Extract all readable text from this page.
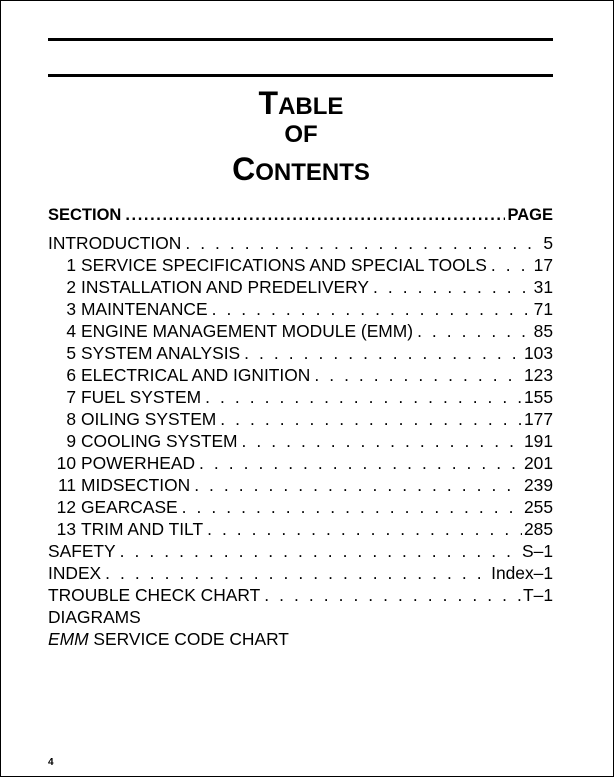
TABLE
OF
CONTENTS
SECTION .....	PAGE
INTRODUCTION . . .	5
1 SERVICE SPECIFICATIONS AND SPECIAL TOOLS . . .	17
2 INSTALLATION AND PREDELIVERY . . .	31
3 MAINTENANCE . . .	71
4 ENGINE MANAGEMENT MODULE (EMM) . . .	85
5 SYSTEM ANALYSIS . . .	103
6 ELECTRICAL AND IGNITION . . .	123
7 FUEL SYSTEM . . .	155
8 OILING SYSTEM . . .	177
9 COOLING SYSTEM . . .	191
10 POWERHEAD . . .	201
11 MIDSECTION . . .	239
12 GEARCASE . . .	255
13 TRIM AND TILT . . .	285
SAFETY . . .	S–1
INDEX . . .	Index–1
TROUBLE CHECK CHART . . .	T–1
DIAGRAMS
EMM SERVICE CODE CHART
4
